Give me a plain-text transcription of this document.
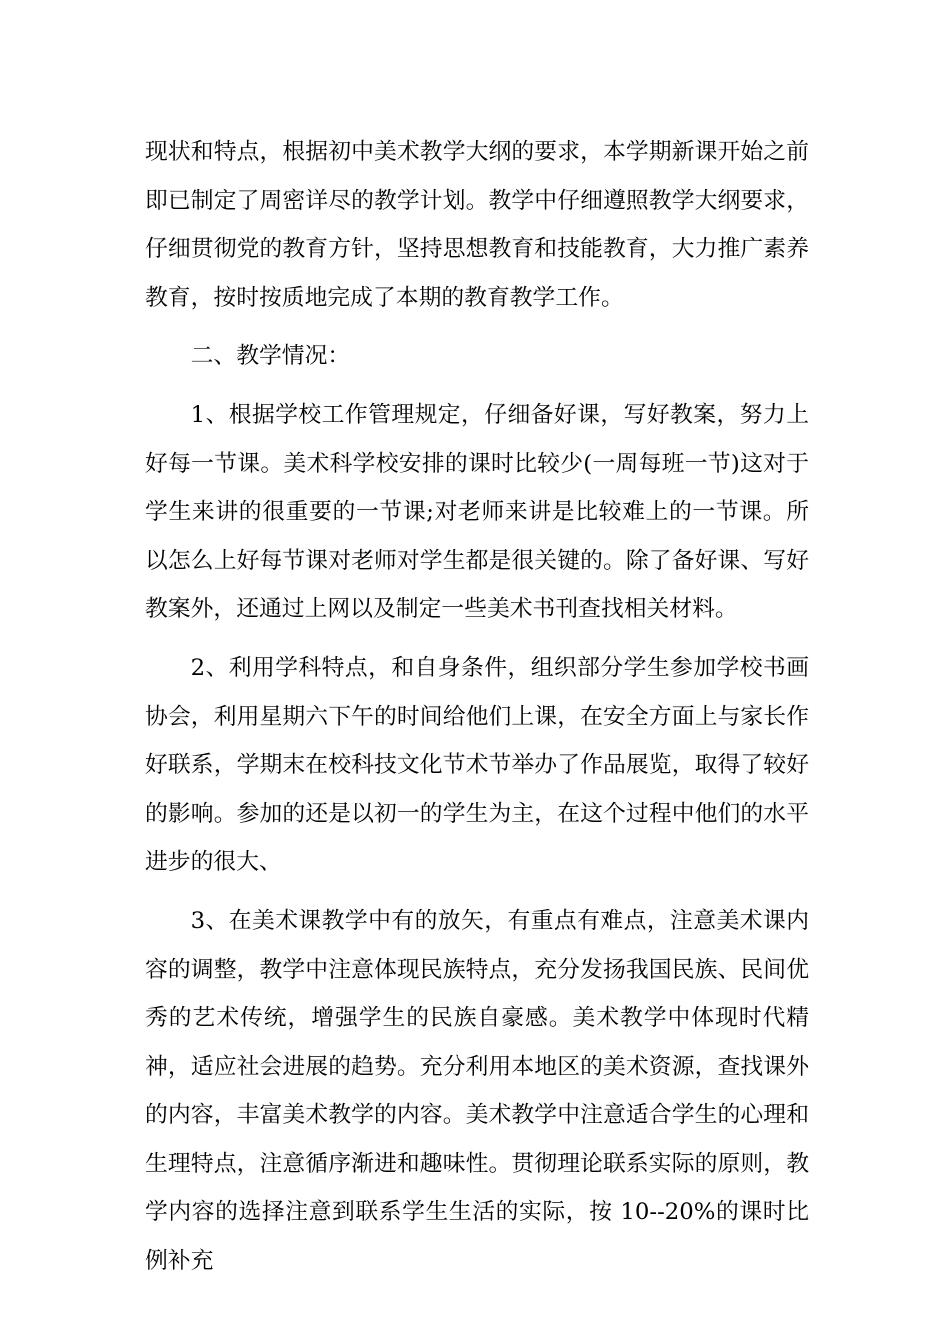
现状和特点，根据初中美术教学大纲的要求，本学期新课开始之前即已制定了周密详尽的教学计划。教学中仔细遵照教学大纲要求，仔细贯彻党的教育方针，坚持思想教育和技能教育，大力推广素养教育，按时按质地完成了本期的教育教学工作。

二、教学情况：

1、根据学校工作管理规定，仔细备好课，写好教案，努力上好每一节课。美术科学校安排的课时比较少(一周每班一节)这对于学生来讲的很重要的一节课;对老师来讲是比较难上的一节课。所以怎么上好每节课对老师对学生都是很关键的。除了备好课、写好教案外，还通过上网以及制定一些美术书刊查找相关材料。

2、利用学科特点，和自身条件，组织部分学生参加学校书画协会，利用星期六下午的时间给他们上课，在安全方面上与家长作好联系，学期末在校科技文化节术节举办了作品展览，取得了较好的影响。参加的还是以初一的学生为主，在这个过程中他们的水平进步的很大、

3、在美术课教学中有的放矢，有重点有难点，注意美术课内容的调整，教学中注意体现民族特点，充分发扬我国民族、民间优秀的艺术传统，增强学生的民族自豪感。美术教学中体现时代精神，适应社会进展的趋势。充分利用本地区的美术资源，查找课外的内容，丰富美术教学的内容。美术教学中注意适合学生的心理和生理特点，注意循序渐进和趣味性。贯彻理论联系实际的原则，教学内容的选择注意到联系学生生活的实际，按 10--20%的课时比例补充
